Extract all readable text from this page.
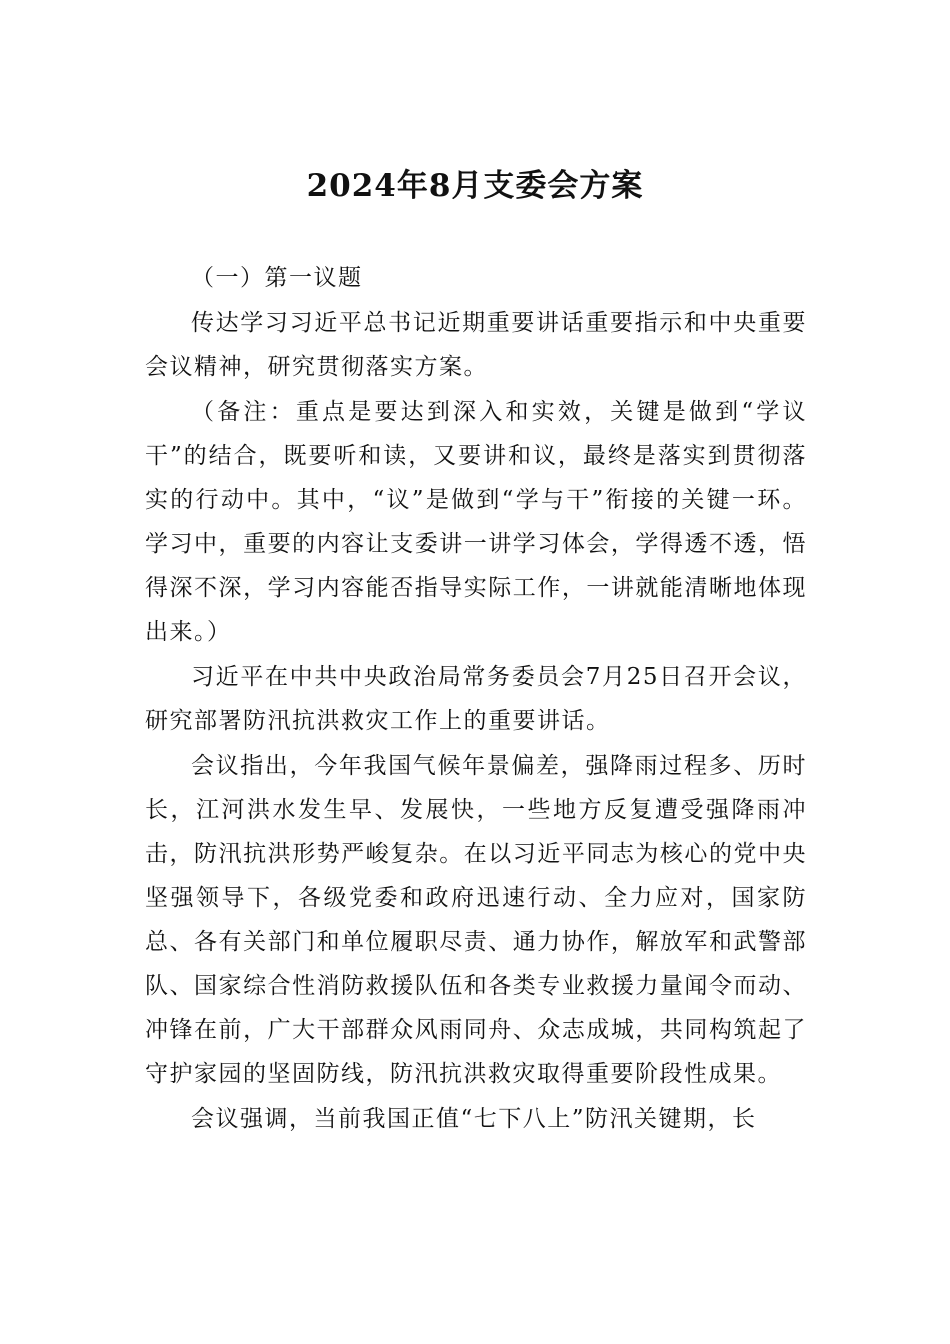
2024年8月支委会方案

（一）第一议题

传达学习习近平总书记近期重要讲话重要指示和中央重要会议精神，研究贯彻落实方案。

（备注：重点是要达到深入和实效，关键是做到“学议干”的结合，既要听和读，又要讲和议，最终是落实到贯彻落实的行动中。其中，“议”是做到“学与干”衔接的关键一环。学习中，重要的内容让支委讲一讲学习体会，学得透不透，悟得深不深，学习内容能否指导实际工作，一讲就能清晰地体现出来。）

习近平在中共中央政治局常务委员会7月25日召开会议，研究部署防汛抗洪救灾工作上的重要讲话。

会议指出，今年我国气候年景偏差，强降雨过程多、历时长，江河洪水发生早、发展快，一些地方反复遭受强降雨冲击，防汛抗洪形势严峻复杂。在以习近平同志为核心的党中央坚强领导下，各级党委和政府迅速行动、全力应对，国家防总、各有关部门和单位履职尽责、通力协作，解放军和武警部队、国家综合性消防救援队伍和各类专业救援力量闻令而动、冲锋在前，广大干部群众风雨同舟、众志成城，共同构筑起了守护家园的坚固防线，防汛抗洪救灾取得重要阶段性成果。

会议强调，当前我国正值“七下八上”防汛关键期，长
